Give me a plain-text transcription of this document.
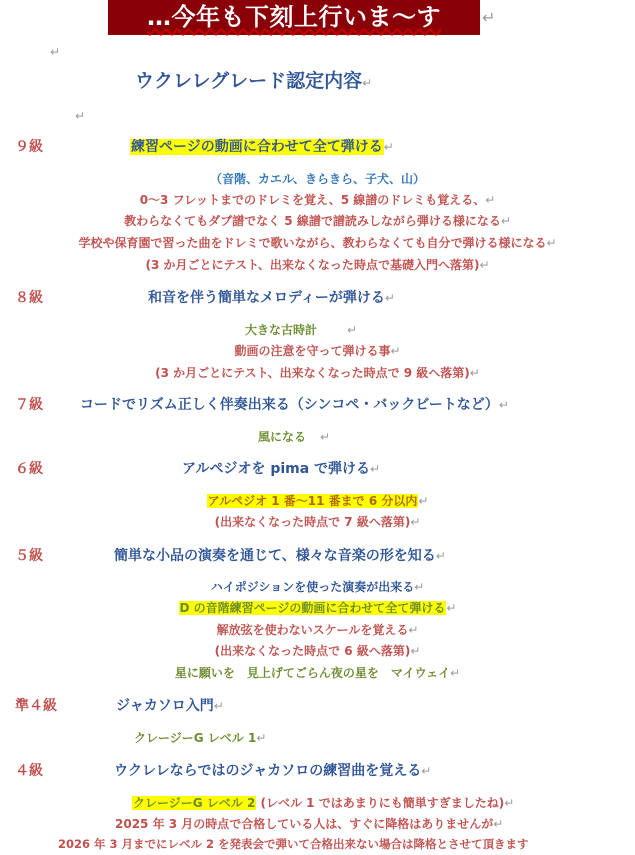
…今年も下刻上行いま〜す	↵
↵
ウクレレグレード認定内容↵
↵
９級	練習ページの動画に合わせて全て弾ける↵
（音階、カエル、きらきら、子犬、山）
0〜3 フレットまでのドレミを覚え、5 線譜のドレミも覚える、↵
教わらなくてもダブ譜でなく 5 線譜で譜読みしながら弾ける様になる↵
学校や保育園で習った曲をドレミで歌いながら、教わらなくても自分で弾ける様になる↵
(3 か月ごとにテスト、出来なくなった時点で基礎入門へ落第)↵
８級	和音を伴う簡単なメロディーが弾ける↵
大きな古時計	↵
動画の注意を守って弾ける事↵
(3 か月ごとにテスト、出来なくなった時点で 9 級へ落第)↵
７級	コードでリズム正しく伴奏出来る（シンコペ・バックビートなど）↵
風になる ↵
６級	アルペジオを pima で弾ける↵
アルペジオ 1 番〜11 番まで 6 分以内↵
(出来なくなった時点で 7 級へ落第)↵
５級	簡単な小品の演奏を通じて、様々な音楽の形を知る↵
ハイポジションを使った演奏が出来る↵
D の音階練習ページの動画に合わせて全て弾ける↵
解放弦を使わないスケールを覚える↵
(出来なくなった時点で 6 級へ落第)↵
星に願いを　見上げてごらん夜の星を　マイウェイ↵
準４級	ジャカソロ入門↵
クレージーG レベル 1↵
４級	ウクレレならではのジャカソロの練習曲を覚える↵
クレージーG レベル 2 (レベル 1 ではあまりにも簡単すぎましたね)↵
2025 年 3 月の時点で合格している人は、すぐに降格はありませんが↵
2026 年 3 月までにレベル 2 を発表会で弾いて合格出来ない場合は降格とさせて頂きます
